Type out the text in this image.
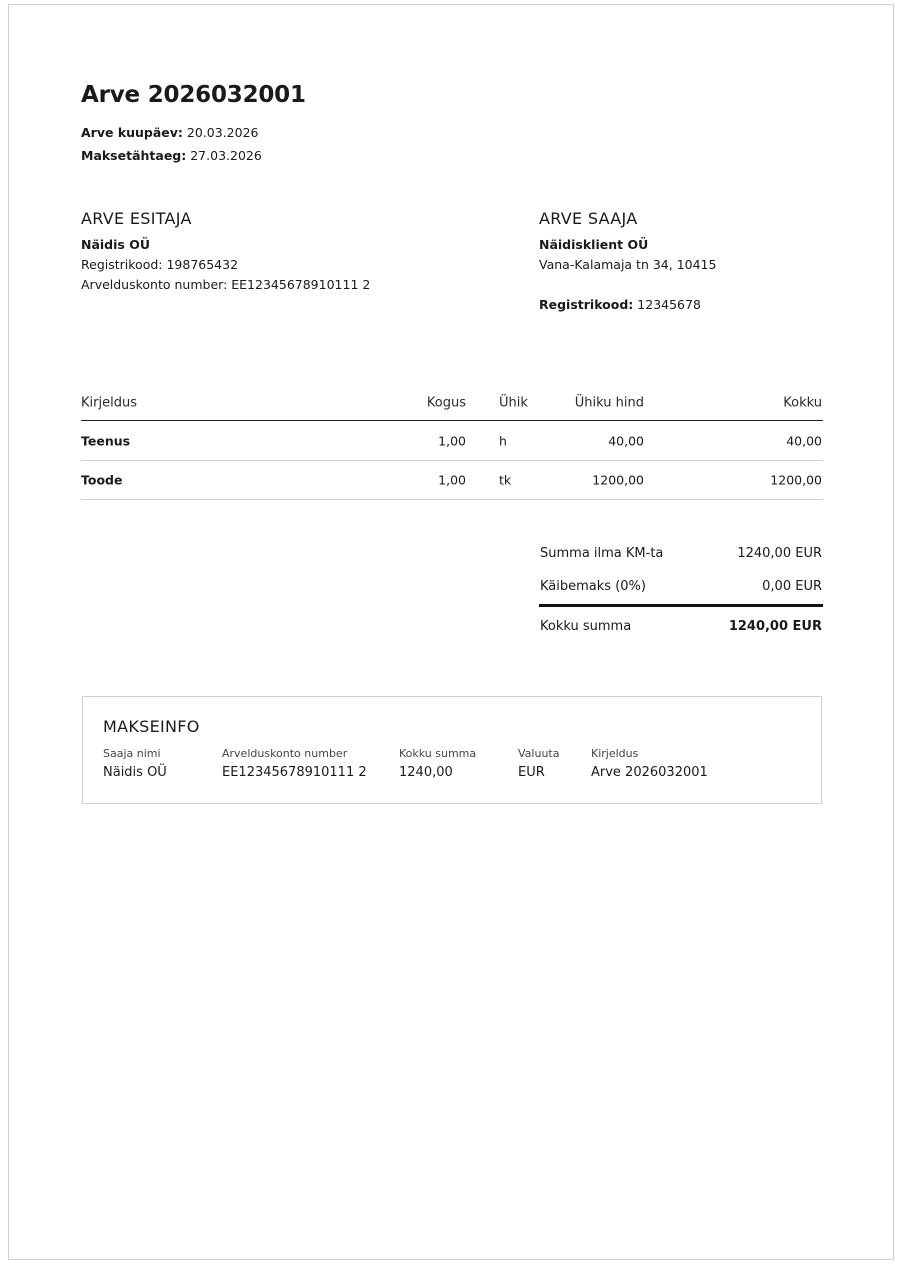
Arve 2026032001
Arve kuupäev: 20.03.2026
Maksetähtaeg: 27.03.2026
ARVE ESITAJA
Näidis OÜ
Registrikood: 198765432
Arvelduskonto number: EE12345678910111 2
ARVE SAAJA
Näidisklient OÜ
Vana-Kalamaja tn 34, 10415
Registrikood: 12345678
Kirjeldus	Kogus	Ühik	Ühiku hind	Kokku
Teenus	1,00	h	40,00	40,00
Toode	1,00	tk	1200,00	1200,00
Summa ilma KM-ta	1240,00 EUR
Käibemaks (0%)	0,00 EUR
Kokku summa	1240,00 EUR
MAKSEINFO
Saaja nimi
Näidis OÜ
Arvelduskonto number
EE12345678910111 2
Kokku summa
1240,00
Valuuta
EUR
Kirjeldus
Arve 2026032001
